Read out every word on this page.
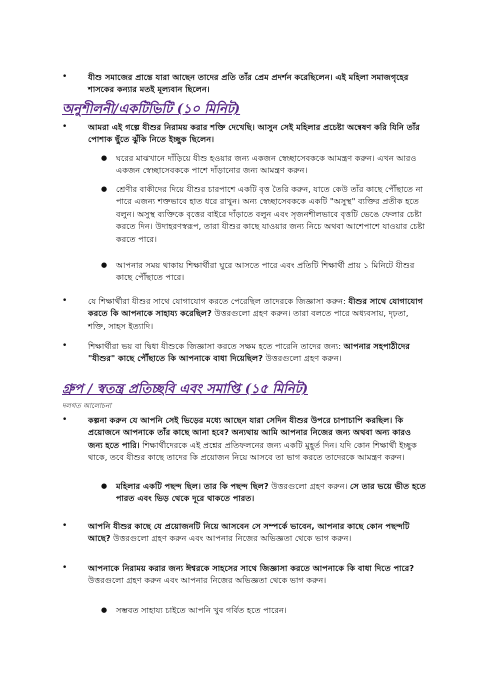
•	যীশু সমাজের প্রান্তে যারা আছেন তাদের প্রতি তাঁর প্রেম প্রদর্শন করেছিলেন। এই মহিলা সমাজগৃহের শাসকের কন্যার মতই মূল্যবান ছিলেন।
অনুশীলনী/একটিভিটি (১০ মিনিট)
•	আমরা এই গল্পে যীশুর নিরাময় করার শক্তি দেখেছি। আসুন সেই মহিলার প্রচেষ্টা অন্বেষণ করি যিনি তাঁর পোশাক ছুঁতে ঝুঁকি নিতে ইচ্ছুক ছিলেন।
● ঘরের মাঝখানে দাঁড়িয়ে যীশু হওয়ার জন্য একজন স্বেচ্ছাসেবককে আমন্ত্রণ করুন। এখন আরও একজন স্বেচ্ছাসেবককে পাশে দাঁড়ানোর জন্য আমন্ত্রণ করুন।
● শ্রেণীর বাকীদের দিয়ে যীশুর চারপাশে একটি বৃত্ত তৈরি করুন, যাতে কেউ তাঁর কাছে পৌঁছাতে না পারে এজন্য শক্তভাবে হাত ধরে রাখুন। অন্য স্বেচ্ছাসেবককে একটি "অসুস্থ" ব্যক্তির প্রতীক হতে বলুন। অসুস্থ ব্যক্তিকে বৃত্তের বাইরে দাঁড়াতে বলুন এবং সৃজনশীলভাবে বৃত্তটি ভেঙে ফেলার চেষ্টা করতে দিন। উদাহরণস্বরূপ, তারা যীশুর কাছে যাওয়ার জন্য নিচে অথবা আশেপাশে যাওয়ার চেষ্টা করতে পারে।
● আপনার সময় থাকায় শিক্ষার্থীরা ঘুরে আসতে পারে এবং প্রতিটি শিক্ষার্থী প্রায় ১ মিনিটে যীশুর কাছে পৌঁছাতে পারে।
•	যে শিক্ষার্থীরা যীশুর সাথে যোগাযোগ করতে পেরেছিল তাদেরকে জিজ্ঞাসা করুন: যীশুর সাথে যোগাযোগ করতে কি আপনাকে সাহায্য করেছিল? উত্তরগুলো গ্রহণ করুন। তারা বলতে পারে অধ্যবসায়, দৃঢ়তা, শক্তি, সাহস ইত্যাদি।
•	শিক্ষার্থীরা ভয় বা দ্বিধা যীশুকে জিজ্ঞাসা করতে সক্ষম হতে পারেনি তাদের জন্য: আপনার সহপাঠীদের "যীশুর" কাছে পৌঁছাতে কি আপনাকে বাধা দিয়েছিল? উত্তরগুলো গ্রহণ করুন।
গ্রুপ / স্বতন্ত্র প্রতিচ্ছবি এবং সমাপ্তি (১৫ মিনিট)
দলগত আলোচনা
•	কল্পনা করুন যে আপনি সেই ভিড়ের মধ্যে আছেন যারা সেদিন যীশুর উপরে চাপাচাপি করছিল। কি প্রয়োজনে আপনাকে তাঁর কাছে আনা হবে? অন্যথায় আমি আপনার নিজের জন্য অথবা অন্য কারও জন্য হতে পারি। শিক্ষার্থীদেরকে এই প্রশ্নের প্রতিফলনের জন্য একটি মুহূর্ত দিন। যদি কোন শিক্ষার্থী ইচ্ছুক থাকে, তবে যীশুর কাছে তাদের কি প্রয়োজন নিয়ে আসবে তা ভাগ করতে তাদেরকে আমন্ত্রণ করুন।
● মহিলার একটি পছন্দ ছিল। তার কি পছন্দ ছিল? উত্তরগুলো গ্রহণ করুন। সে তার ভয়ে ভীত হতে পারত এবং ভিড় থেকে দূরে থাকতে পারত।
•	আপনি যীশুর কাছে যে প্রয়োজনটি নিয়ে আসবেন সে সম্পর্কে ভাবেন, আপনার কাছে কোন পছন্দটি আছে? উত্তরগুলো গ্রহণ করুন এবং আপনার নিজের অভিজ্ঞতা থেকে ভাগ করুন।
•	আপনাকে নিরাময় করার জন্য ঈশ্বরকে সাহসের সাথে জিজ্ঞাসা করতে আপনাকে কি বাধা দিতে পারে? উত্তরগুলো গ্রহণ করুন এবং আপনার নিজের অভিজ্ঞতা থেকে ভাগ করুন।
● সম্ভবত সাহায্য চাইতে আপনি খুব গর্বিত হতে পারেন।
